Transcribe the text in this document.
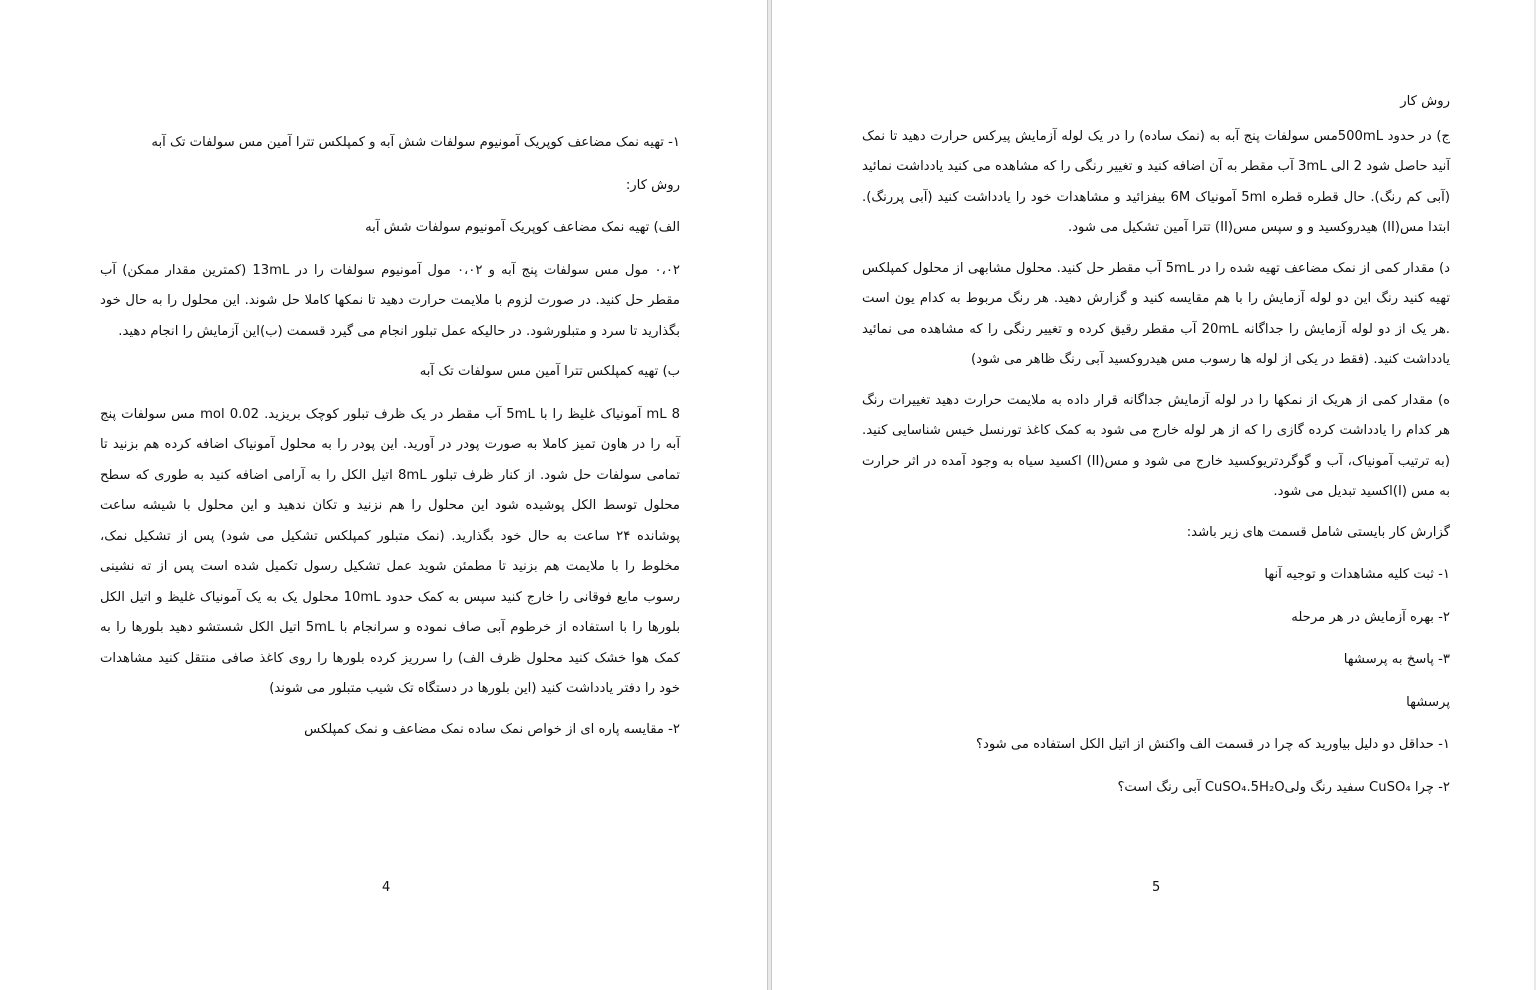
۱- تهیه نمک مضاعف کوپریک آمونیوم سولفات شش آبه و کمپلکس تترا آمین مس سولفات تک آبه

روش کار:

الف) تهیه نمک مضاعف کوپریک آمونیوم سولفات شش آبه

۰،۰۲ مول مس سولفات پنج آبه و ۰،۰۲ مول آمونیوم سولفات را در 13mL (کمترین مقدار ممکن) آب مقطر حل کنید. در صورت لزوم با ملایمت حرارت دهید تا نمکها کاملا حل شوند. این محلول را به حال خود بگذارید تا سرد و متبلورشود. در حالیکه عمل تبلور انجام می گیرد قسمت (ب)این آزمایش را انجام دهید.

ب) تهیه کمپلکس تترا آمین مس سولفات تک آبه

8 mL آمونیاک غلیظ را با 5mL آب مقطر در یک ظرف تبلور کوچک بریزید. 0.02 mol مس سولفات پنج آبه را در هاون تمیز کاملا به صورت پودر در آورید. این پودر را به محلول آمونیاک اضافه کرده هم بزنید تا تمامی سولفات حل شود. از کنار ظرف تبلور 8mL اتیل الکل را به آرامی اضافه کنید به طوری که سطح محلول توسط الکل پوشیده شود این محلول را هم نزنید و تکان ندهید و این محلول با شیشه ساعت پوشانده ۲۴ ساعت به حال خود بگذارید. (نمک متبلور کمپلکس تشکیل می شود) پس از تشکیل نمک، مخلوط را با ملایمت هم بزنید تا مطمئن شوید عمل تشکیل رسول تکمیل شده است پس از ته نشینی رسوب مایع فوقانی را خارج کنید سپس به کمک حدود 10mL محلول یک به یک آمونیاک غلیظ و اتیل الکل بلورها را با استفاده از خرطوم آبی صاف نموده و سرانجام با 5mL اتیل الکل شستشو دهید بلورها را به کمک هوا خشک کنید محلول ظرف الف) را سرریز کرده بلورها را روی کاغذ صافی منتقل کنید مشاهدات خود را دفتر یادداشت کنید (این بلورها در دستگاه تک شیب متبلور می شوند)

۲- مقایسه پاره ای از خواص نمک ساده نمک مضاعف و نمک کمپلکس

4

روش کار

ج) در حدود 500mLمس سولفات پنج آبه به (نمک ساده) را در یک لوله آزمایش پیرکس حرارت دهید تا نمک آنید حاصل شود 2 الی 3mL آب مقطر به آن اضافه کنید و تغییر رنگی را که مشاهده می کنید یادداشت نمائید (آبی کم رنگ). حال قطره قطره 5ml آمونیاک 6M بیفزائید و مشاهدات خود را یادداشت کنید (آبی پررنگ). ابتدا مس(II) هیدروکسید و و سپس مس(II) تترا آمین تشکیل می شود.

د) مقدار کمی از نمک مضاعف تهیه شده را در 5mL آب مقطر حل کنید. محلول مشابهی از محلول کمپلکس تهیه کنید رنگ این دو لوله آزمایش را با هم مقایسه کنید و گزارش دهید. هر رنگ مربوط به کدام یون است .هر یک از دو لوله آزمایش را جداگانه 20mL آب مقطر رقیق کرده و تغییر رنگی را که مشاهده می نمائید یادداشت کنید. (فقط در یکی از لوله ها رسوب مس هیدروکسید آبی رنگ ظاهر می شود)

ه) مقدار کمی از هریک از نمکها را در لوله آزمایش جداگانه قرار داده به ملایمت حرارت دهید تغییرات رنگ هر کدام را یادداشت کرده گازی را که از هر لوله خارج می شود به کمک کاغذ تورنسل خیس شناسایی کنید. (به ترتیب آمونیاک، آب و گوگردتریوکسید خارج می شود و مس(II) اکسید سیاه به وجود آمده در اثر حرارت به مس (I)اکسید تبدیل می شود.

گزارش کار بایستی شامل قسمت های زیر باشد:

۱- ثبت کلیه مشاهدات و توجیه آنها

۲- بهره آزمایش در هر مرحله

۳- پاسخ به پرسشها

پرسشها

۱- حداقل دو دلیل بیاورید که چرا در قسمت الف واکنش از اتیل الکل استفاده می شود؟

۲- چرا CuSO₄ سفید رنگ ولیCuSO₄.5H₂O آبی رنگ است؟

5
